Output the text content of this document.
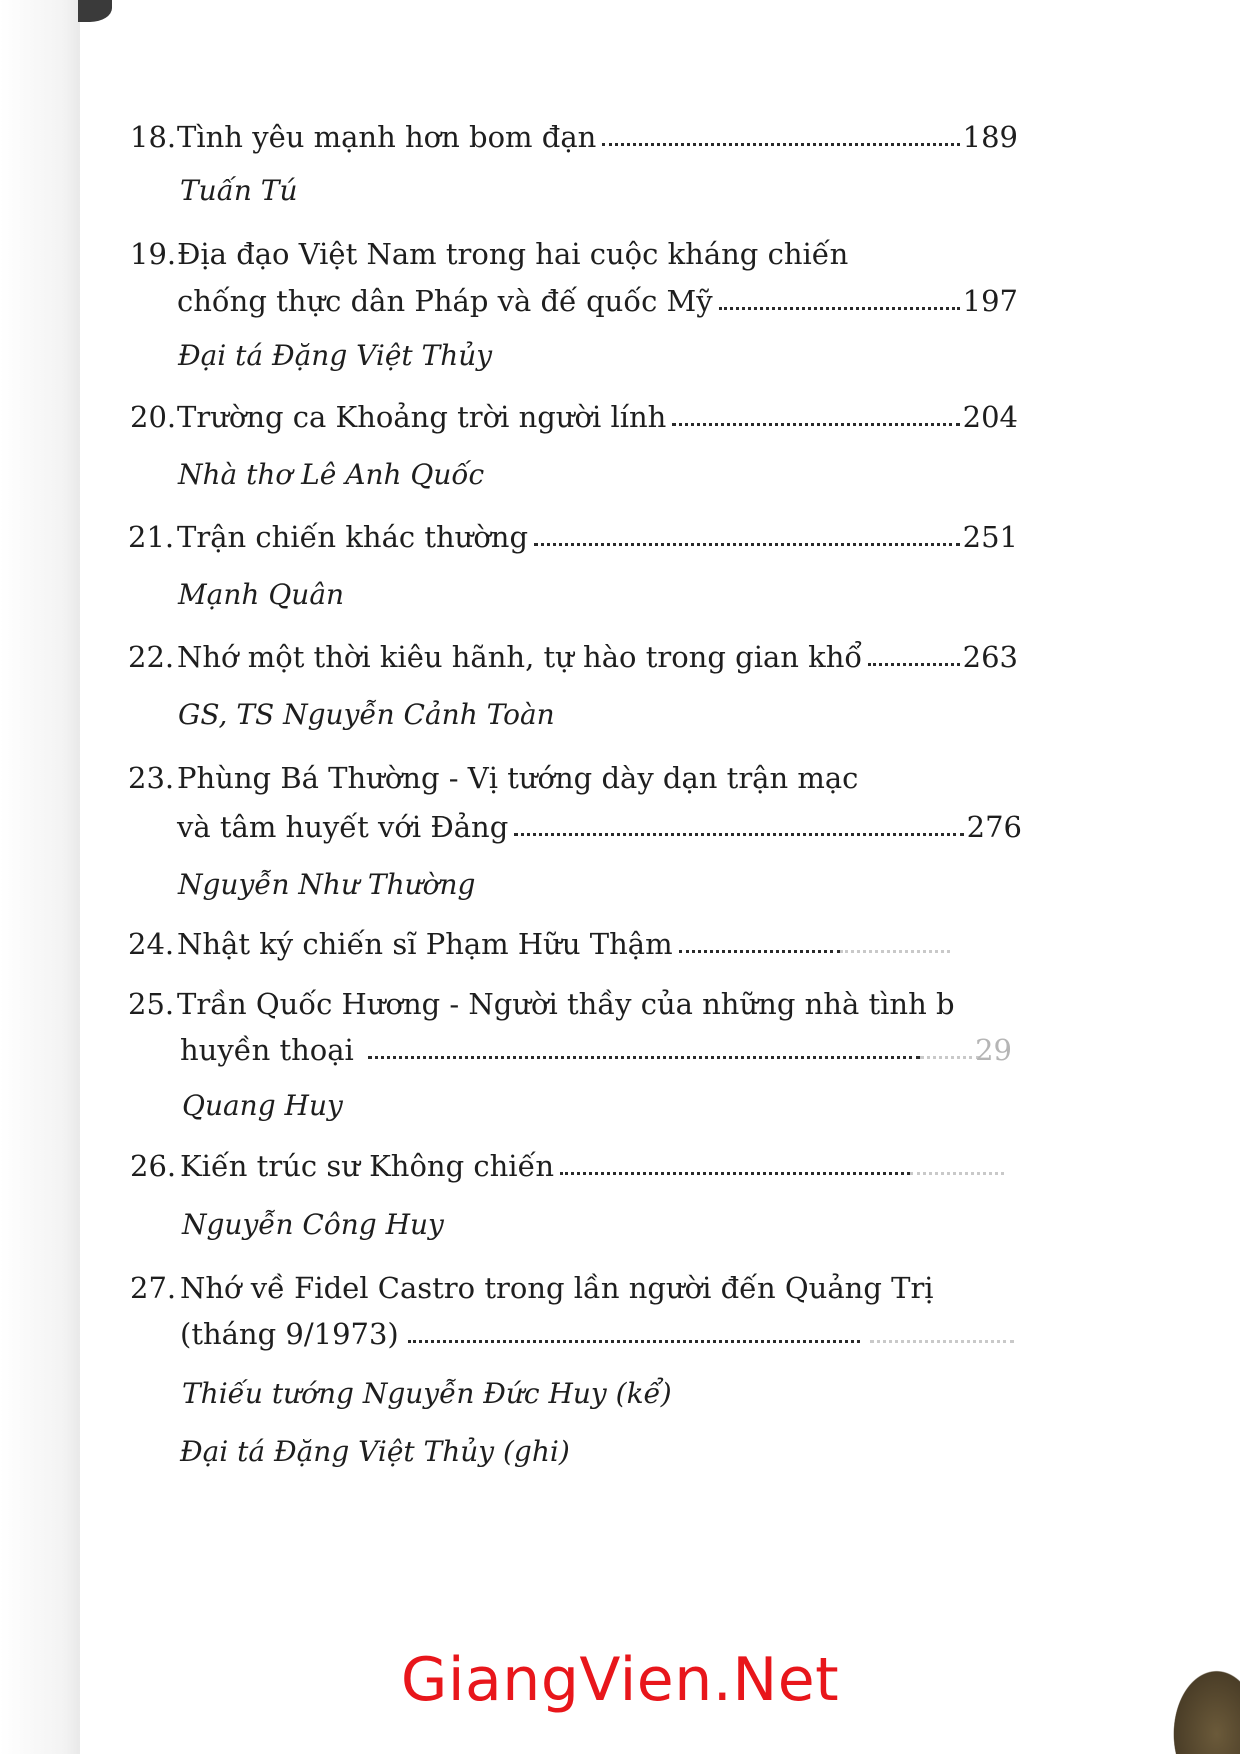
18. Tình yêu mạnh hơn bom đạn	189
Tuấn Tú
19. Địa đạo Việt Nam trong hai cuộc kháng chiến
chống thực dân Pháp và đế quốc Mỹ	197
Đại tá Đặng Việt Thủy
20. Trường ca Khoảng trời người lính	204
Nhà thơ Lê Anh Quốc
21. Trận chiến khác thường	251
Mạnh Quân
22. Nhớ một thời kiêu hãnh, tự hào trong gian khổ	263
GS, TS Nguyễn Cảnh Toàn
23. Phùng Bá Thường - Vị tướng dày dạn trận mạc
và tâm huyết với Đảng	276
Nguyễn Như Thường
24. Nhật ký chiến sĩ Phạm Hữu Thậm
25. Trần Quốc Hương - Người thầy của những nhà tình b
huyền thoại	29
Quang Huy
26. Kiến trúc sư Không chiến
Nguyễn Công Huy
27. Nhớ về Fidel Castro trong lần người đến Quảng Trị
(tháng 9/1973)
Thiếu tướng Nguyễn Đức Huy (kể)
Đại tá Đặng Việt Thủy (ghi)
GiangVien.Net
